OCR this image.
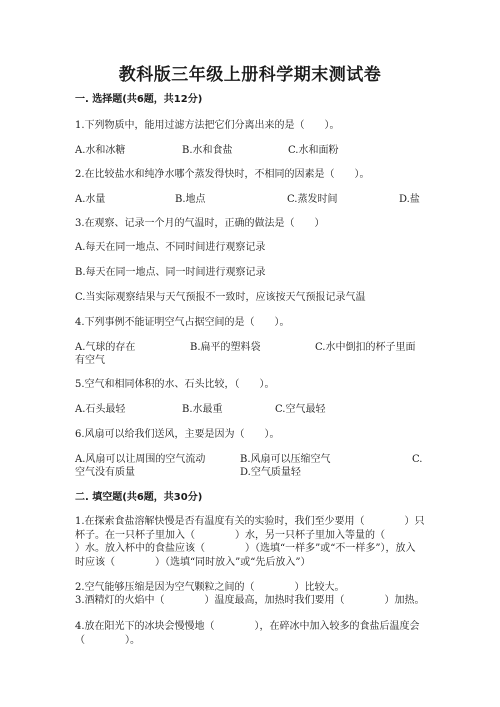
教科版三年级上册科学期末测试卷
一. 选择题(共6题，共12分)
1.下列物质中，能用过滤方法把它们分离出来的是（　　）。
A.水和冰糖	B.水和食盐	C.水和面粉
2.在比较盐水和纯净水哪个蒸发得快时，不相同的因素是（　　）。
A.水量	B.地点	C.蒸发时间	D.盐
3.在观察、记录一个月的气温时，正确的做法是（　　）
A.每天在同一地点、不同时间进行观察记录
B.每天在同一地点、同一时间进行观察记录
C.当实际观察结果与天气预报不一致时，应该按天气预报记录气温
4.下列事例不能证明空气占据空间的是（　　）。
A.气球的存在	B.扁平的塑料袋	C.水中倒扣的杯子里面
有空气
5.空气和相同体积的水、石头比较，（　　）。
A.石头最轻	B.水最重	C.空气最轻
6.风扇可以给我们送风，主要是因为（　　）。
A.风扇可以让周围的空气流动	B.风扇可以压缩空气	C.
空气没有质量	D.空气质量轻
二. 填空题(共6题，共30分)
1.在探索食盐溶解快慢是否有温度有关的实验时，我们至少要用（　　　　）只杯子。在一只杯子里加入（　　　　）水，另一只杯子里加入等量的（　　　　）水。放入杯中的食盐应该（　　　　）（选填“一样多”或“不一样多”），放入时应该（　　　　）（选填“同时放入”或“先后放入”）
2.空气能够压缩是因为空气颗粒之间的（　　　　）比较大。
3.酒精灯的火焰中（　　　　）温度最高，加热时我们要用（　　　　）加热。
4.放在阳光下的冰块会慢慢地（　　　　），在碎冰中加入较多的食盐后温度会（　　　　）。
